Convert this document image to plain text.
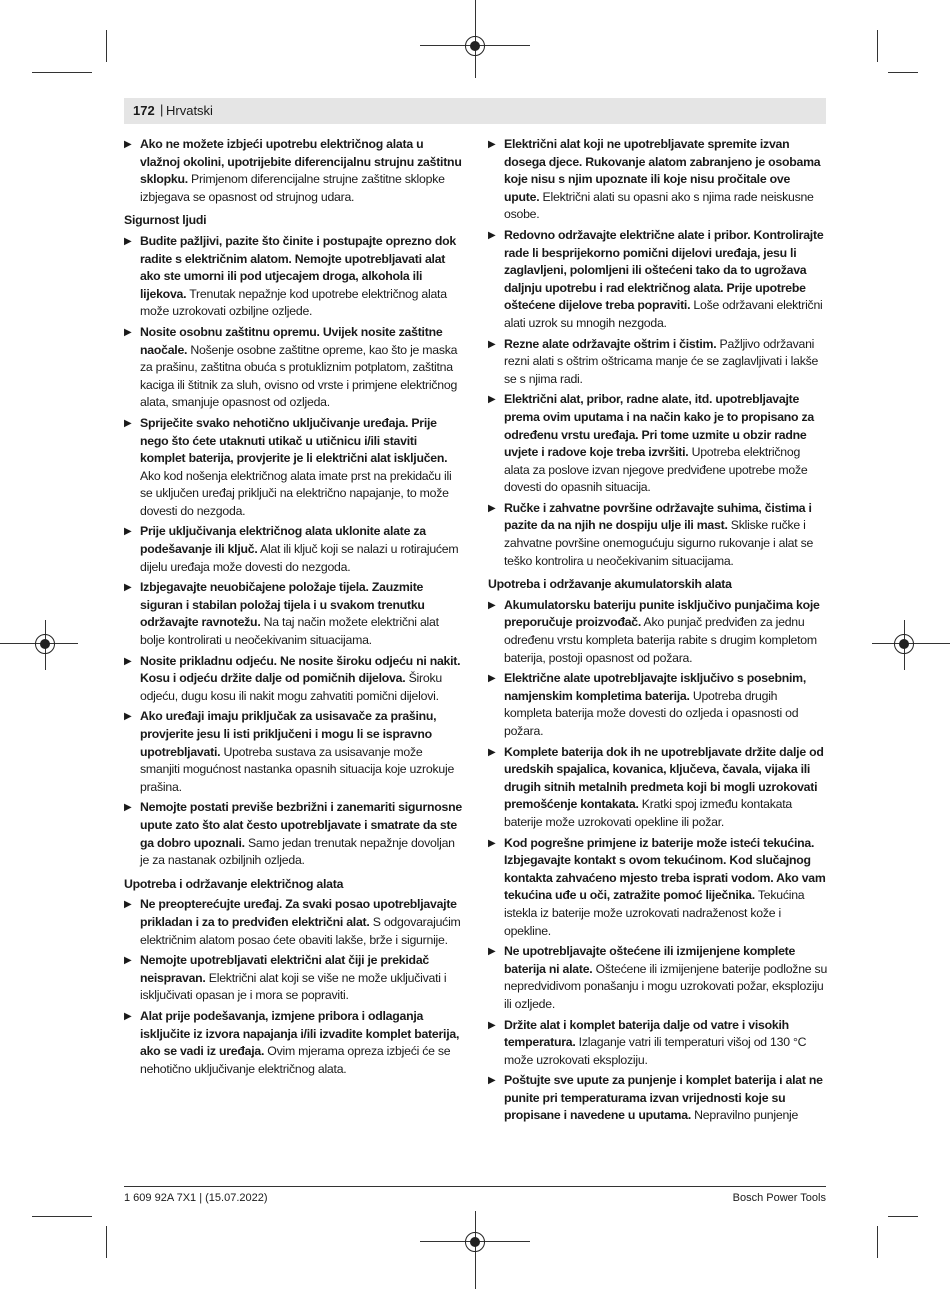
172 | Hrvatski
▶ Ako ne možete izbjeći upotrebu električnog alata u vlažnoj okolini, upotrijebite diferencijalnu strujnu zaštitnu sklopku. Primjenom diferencijalne strujne zaštitne sklopke izbjegava se opasnost od strujnog udara.
Sigurnost ljudi
▶ Budite pažljivi, pazite što činite i postupajte oprezno dok radite s električnim alatom. Nemojte upotrebljavati alat ako ste umorni ili pod utjecajem droga, alkohola ili lijekova. Trenutak nepažnje kod upotrebe električnog alata može uzrokovati ozbiljne ozljede.
▶ Nosite osobnu zaštitnu opremu. Uvijek nosite zaštitne naočale. Nošenje osobne zaštitne opreme, kao što je maska za prašinu, zaštitna obuća s protukliznim potplatom, zaštitna kaciga ili štitnik za sluh, ovisno od vrste i primjene električnog alata, smanjuje opasnost od ozljeda.
▶ Spriječite svako nehotično uključivanje uređaja. Prije nego što ćete utaknuti utikač u utičnicu i/ili staviti komplet baterija, provjerite je li električni alat isključen. Ako kod nošenja električnog alata imate prst na prekidaču ili se uključen uređaj priključi na električno napajanje, to može dovesti do nezgoda.
▶ Prije uključivanja električnog alata uklonite alate za podešavanje ili ključ. Alat ili ključ koji se nalazi u rotirajućem dijelu uređaja može dovesti do nezgoda.
▶ Izbjegavajte neuobičajene položaje tijela. Zauzmite siguran i stabilan položaj tijela i u svakom trenutku održavajte ravnotežu. Na taj način možete električni alat bolje kontrolirati u neočekivanim situacijama.
▶ Nosite prikladnu odjeću. Ne nosite široku odjeću ni nakit. Kosu i odjeću držite dalje od pomičnih dijelova. Široku odjeću, dugu kosu ili nakit mogu zahvatiti pomični dijelovi.
▶ Ako uređaji imaju priključak za usisavače za prašinu, provjerite jesu li isti priključeni i mogu li se ispravno upotrebljavati. Upotreba sustava za usisavanje može smanjiti mogućnost nastanka opasnih situacija koje uzrokuje prašina.
▶ Nemojte postati previše bezbrižni i zanemariti sigurnosne upute zato što alat često upotrebljavate i smatrate da ste ga dobro upoznali. Samo jedan trenutak nepažnje dovoljan je za nastanak ozbiljnih ozljeda.
Upotreba i održavanje električnog alata
▶ Ne preopterećujte uređaj. Za svaki posao upotrebljavajte prikladan i za to predviđen električni alat. S odgovarajućim električnim alatom posao ćete obaviti lakše, brže i sigurnije.
▶ Nemojte upotrebljavati električni alat čiji je prekidač neispravan. Električni alat koji se više ne može uključivati i isključivati opasan je i mora se popraviti.
▶ Alat prije podešavanja, izmjene pribora i odlaganja isključite iz izvora napajanja i/ili izvadite komplet baterija, ako se vadi iz uređaja. Ovim mjerama opreza izbjeći će se nehotično uključivanje električnog alata.
▶ Električni alat koji ne upotrebljavate spremite izvan dosega djece. Rukovanje alatom zabranjeno je osobama koje nisu s njim upoznate ili koje nisu pročitale ove upute. Električni alati su opasni ako s njima rade neiskusne osobe.
▶ Redovno održavajte električne alate i pribor. Kontrolirajte rade li besprijekorno pomični dijelovi uređaja, jesu li zaglavljeni, polomljeni ili oštećeni tako da to ugrožava daljnju upotrebu i rad električnog alata. Prije upotrebe oštećene dijelove treba popraviti. Loše održavani električni alati uzrok su mnogih nezgoda.
▶ Rezne alate održavajte oštrim i čistim. Pažljivo održavani rezni alati s oštrim oštricama manje će se zaglavljivati i lakše se s njima radi.
▶ Električni alat, pribor, radne alate, itd. upotrebljavajte prema ovim uputama i na način kako je to propisano za određenu vrstu uređaja. Pri tome uzmite u obzir radne uvjete i radove koje treba izvršiti. Upotreba električnog alata za poslove izvan njegove predviđene upotrebe može dovesti do opasnih situacija.
▶ Ručke i zahvatne površine održavajte suhima, čistima i pazite da na njih ne dospiju ulje ili mast. Skliske ručke i zahvatne površine onemogućuju sigurno rukovanje i alat se teško kontrolira u neočekivanim situacijama.
Upotreba i održavanje akumulatorskih alata
▶ Akumulatorsku bateriju punite isključivo punjačima koje preporučuje proizvođač. Ako punjač predviđen za jednu određenu vrstu kompleta baterija rabite s drugim kompletom baterija, postoji opasnost od požara.
▶ Električne alate upotrebljavajte isključivo s posebnim, namjenskim kompletima baterija. Upotreba drugih kompleta baterija može dovesti do ozljeda i opasnosti od požara.
▶ Komplete baterija dok ih ne upotrebljavate držite dalje od uredskih spajalica, kovanica, ključeva, čavala, vijaka ili drugih sitnih metalnih predmeta koji bi mogli uzrokovati premošćenje kontakata. Kratki spoj između kontakata baterije može uzrokovati opekline ili požar.
▶ Kod pogrešne primjene iz baterije može isteći tekućina. Izbjegavajte kontakt s ovom tekućinom. Kod slučajnog kontakta zahvaćeno mjesto treba isprati vodom. Ako vam tekućina uđe u oči, zatražite pomoć liječnika. Tekućina istekla iz baterije može uzrokovati nadraženost kože i opekline.
▶ Ne upotrebljavajte oštećene ili izmijenjene komplete baterija ni alate. Oštećene ili izmijenjene baterije podložne su nepredvidivom ponašanju i mogu uzrokovati požar, eksploziju ili ozljede.
▶ Držite alat i komplet baterija dalje od vatre i visokih temperatura. Izlaganje vatri ili temperaturi višoj od 130 °C može uzrokovati eksploziju.
▶ Poštujte sve upute za punjenje i komplet baterija i alat ne punite pri temperaturama izvan vrijednosti koje su propisane i navedene u uputama. Nepravilno punjenje
1 609 92A 7X1 | (15.07.2022)	Bosch Power Tools
